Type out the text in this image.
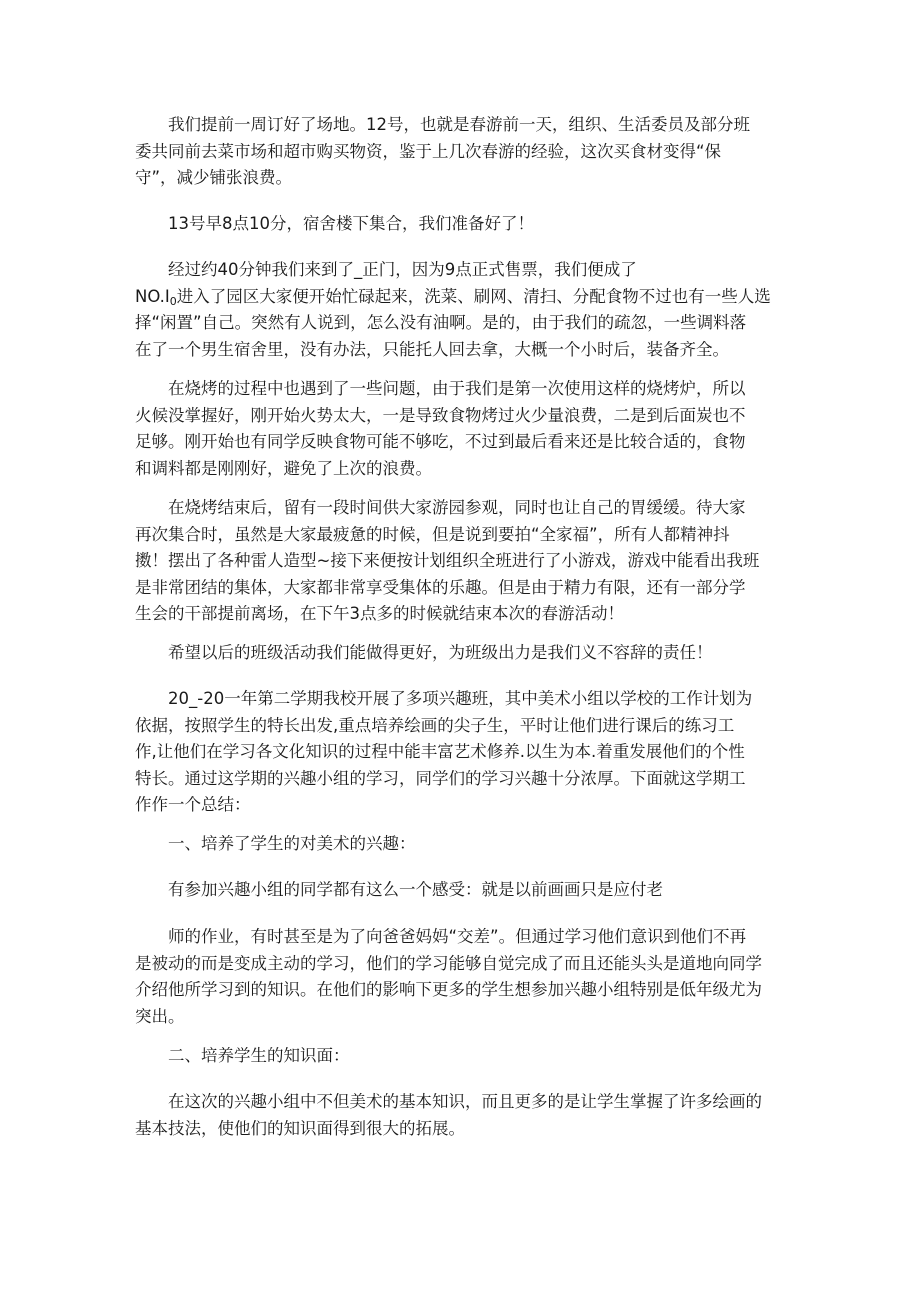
我们提前一周订好了场地。12号，也就是春游前一天，组织、生活委员及部分班
委共同前去菜市场和超市购买物资，鉴于上几次春游的经验，这次买食材变得“保
守”，减少铺张浪费。
13号早8点10分，宿舍楼下集合，我们准备好了！
经过约40分钟我们来到了_正门，因为9点正式售票，我们便成了
$NO.I_0$进入了园区大家便开始忙碌起来，洗菜、刷网、清扫、分配食物不过也有一些人选
择“闲置”自己。突然有人说到，怎么没有油啊。是的，由于我们的疏忽，一些调料落
在了一个男生宿舍里，没有办法，只能托人回去拿，大概一个小时后，装备齐全。
在烧烤的过程中也遇到了一些问题，由于我们是第一次使用这样的烧烤炉，所以
火候没掌握好，刚开始火势太大，一是导致食物烤过火少量浪费，二是到后面炭也不
足够。刚开始也有同学反映食物可能不够吃，不过到最后看来还是比较合适的，食物
和调料都是刚刚好，避免了上次的浪费。
在烧烤结束后，留有一段时间供大家游园参观，同时也让自己的胃缓缓。待大家
再次集合时，虽然是大家最疲惫的时候，但是说到要拍“全家福”，所有人都精神抖
擞！摆出了各种雷人造型~接下来便按计划组织全班进行了小游戏，游戏中能看出我班
是非常团结的集体，大家都非常享受集体的乐趣。但是由于精力有限，还有一部分学
生会的干部提前离场，在下午3点多的时候就结束本次的春游活动！
希望以后的班级活动我们能做得更好，为班级出力是我们义不容辞的责任！
20_-20一年第二学期我校开展了多项兴趣班，其中美术小组以学校的工作计划为
依据，按照学生的特长出发,重点培养绘画的尖子生，平时让他们进行课后的练习工
作,让他们在学习各文化知识的过程中能丰富艺术修养.以生为本.着重发展他们的个性
特长。通过这学期的兴趣小组的学习，同学们的学习兴趣十分浓厚。下面就这学期工
作作一个总结：
一、培养了学生的对美术的兴趣：
有参加兴趣小组的同学都有这么一个感受：就是以前画画只是应付老
师的作业，有时甚至是为了向爸爸妈妈“交差”。但通过学习他们意识到他们不再
是被动的而是变成主动的学习，他们的学习能够自觉完成了而且还能头头是道地向同学
介绍他所学习到的知识。在他们的影响下更多的学生想参加兴趣小组特别是低年级尤为
突出。
二、培养学生的知识面：
在这次的兴趣小组中不但美术的基本知识，而且更多的是让学生掌握了许多绘画的
基本技法，使他们的知识面得到很大的拓展。
